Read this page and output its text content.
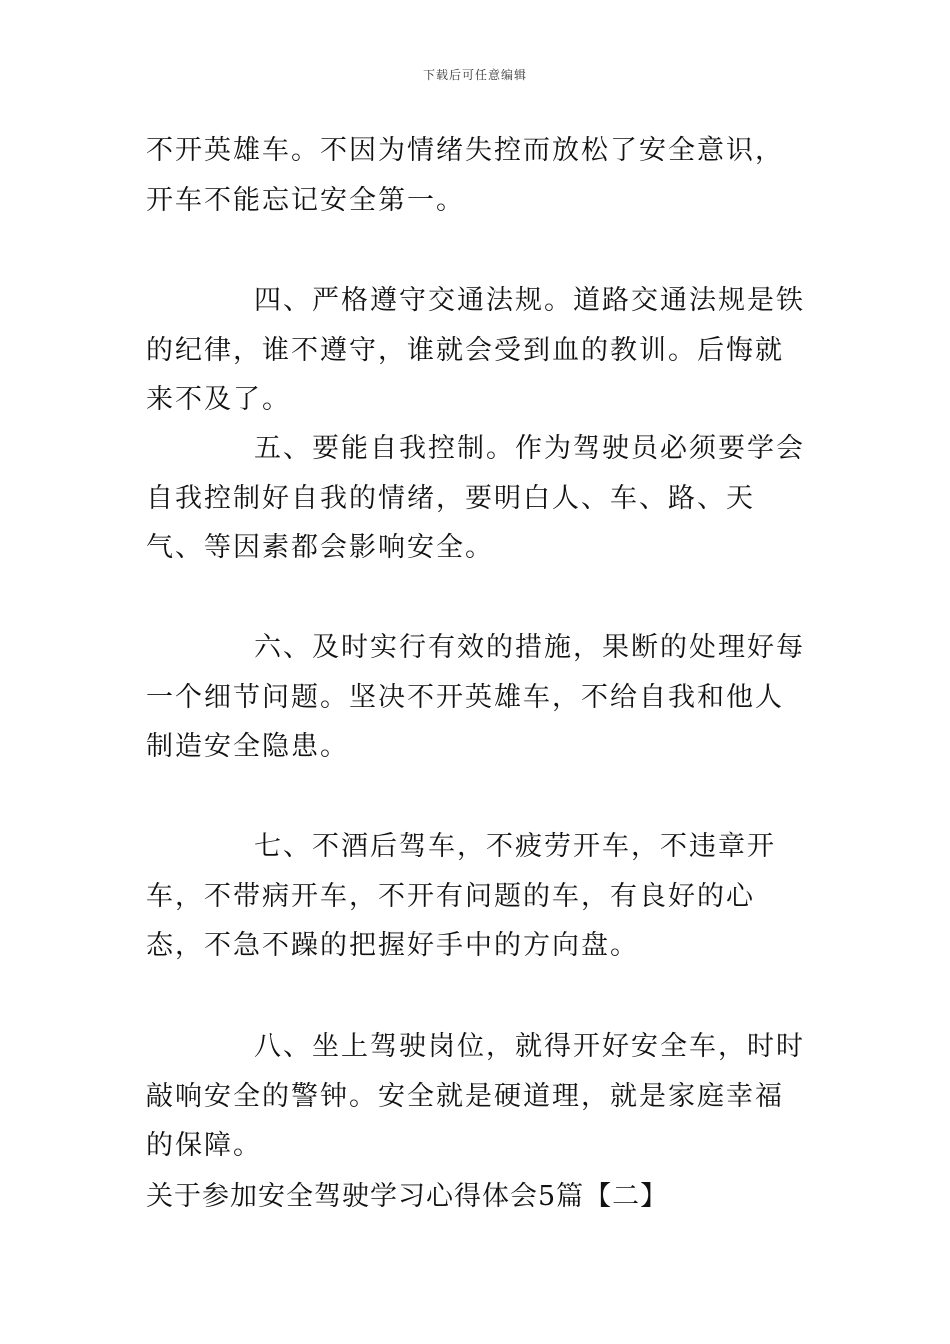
下载后可任意编辑

不开英雄车。不因为情绪失控而放松了安全意识，开车不能忘记安全第一。

四、严格遵守交通法规。道路交通法规是铁的纪律，谁不遵守，谁就会受到血的教训。后悔就来不及了。

五、要能自我控制。作为驾驶员必须要学会自我控制好自我的情绪，要明白人、车、路、天气、等因素都会影响安全。

六、及时实行有效的措施，果断的处理好每一个细节问题。坚决不开英雄车，不给自我和他人制造安全隐患。

七、不酒后驾车，不疲劳开车，不违章开车，不带病开车，不开有问题的车，有良好的心态，不急不躁的把握好手中的方向盘。

八、坐上驾驶岗位，就得开好安全车，时时敲响安全的警钟。安全就是硬道理，就是家庭幸福的保障。

关于参加安全驾驶学习心得体会5篇【二】
